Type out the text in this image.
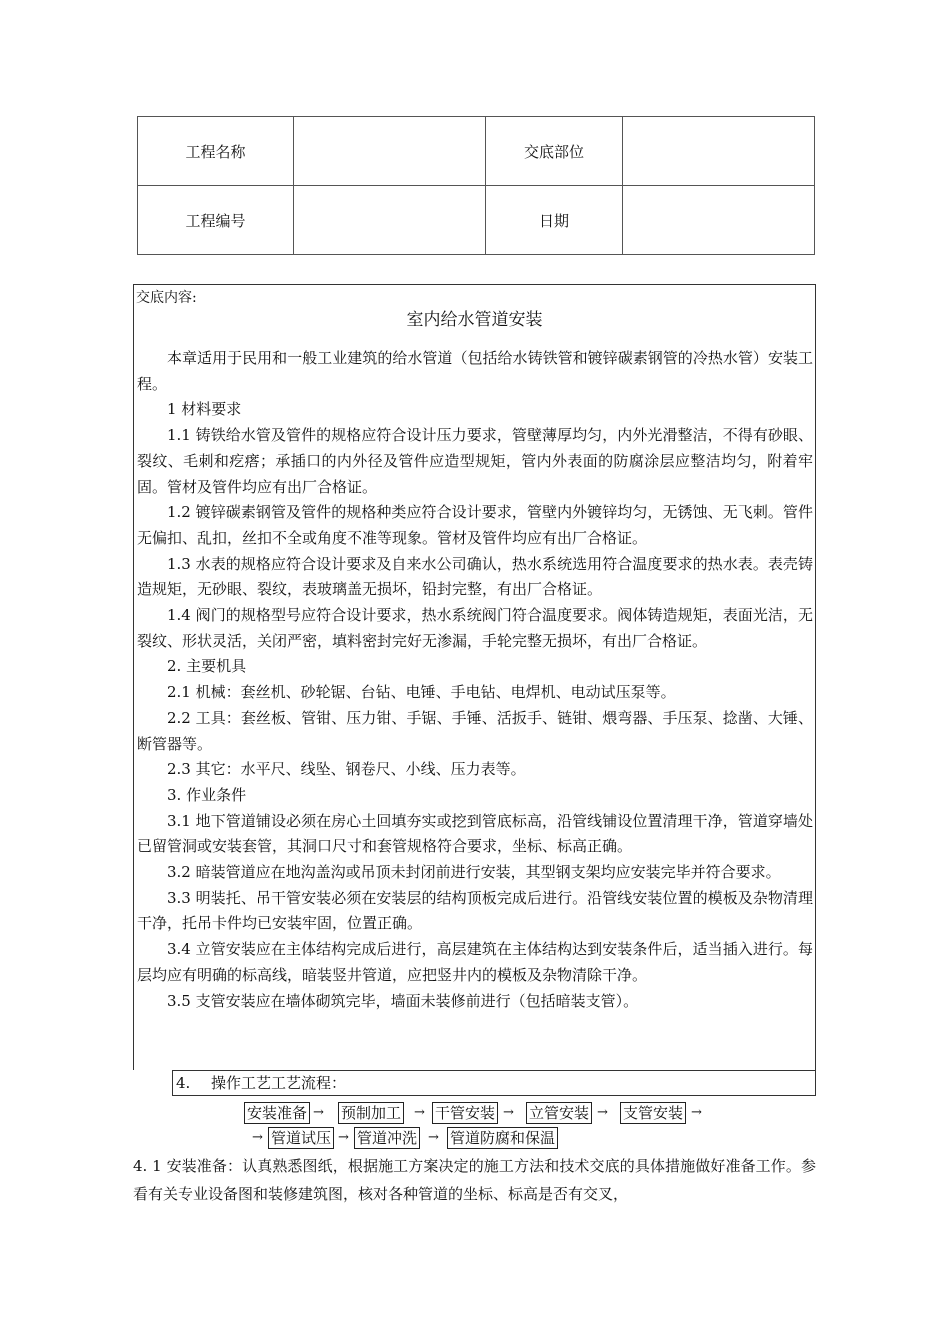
工程名称		交底部位	
工程编号		日期	
交底内容:
室内给水管道安装

本章适用于民用和一般工业建筑的给水管道（包括给水铸铁管和镀锌碳素钢管的冷热水管）安装工程。

1 材料要求

1.1 铸铁给水管及管件的规格应符合设计压力要求，管壁薄厚均匀，内外光滑整洁，不得有砂眼、裂纹、毛刺和疙瘩；承插口的内外径及管件应造型规矩，管内外表面的防腐涂层应整洁均匀，附着牢固。管材及管件均应有出厂合格证。

1.2 镀锌碳素钢管及管件的规格种类应符合设计要求，管壁内外镀锌均匀，无锈蚀、无飞刺。管件无偏扣、乱扣，丝扣不全或角度不准等现象。管材及管件均应有出厂合格证。

1.3 水表的规格应符合设计要求及自来水公司确认，热水系统选用符合温度要求的热水表。表壳铸造规矩，无砂眼、裂纹，表玻璃盖无损坏，铅封完整，有出厂合格证。

1.4 阀门的规格型号应符合设计要求，热水系统阀门符合温度要求。阀体铸造规矩，表面光洁，无裂纹、形状灵活，关闭严密，填料密封完好无渗漏，手轮完整无损坏，有出厂合格证。

2. 主要机具

2.1 机械：套丝机、砂轮锯、台钻、电锤、手电钻、电焊机、电动试压泵等。

2.2 工具：套丝板、管钳、压力钳、手锯、手锤、活扳手、链钳、煨弯器、手压泵、捻凿、大锤、断管器等。

2.3 其它：水平尺、线坠、钢卷尺、小线、压力表等。

3. 作业条件

3.1 地下管道铺设必须在房心土回填夯实或挖到管底标高，沿管线铺设位置清理干净，管道穿墙处已留管洞或安装套管，其洞口尺寸和套管规格符合要求，坐标、标高正确。

3.2 暗装管道应在地沟盖沟或吊顶未封闭前进行安装，其型钢支架均应安装完毕并符合要求。

3.3 明装托、吊干管安装必须在安装层的结构顶板完成后进行。沿管线安装位置的模板及杂物清理干净，托吊卡件均已安装牢固，位置正确。

3.4 立管安装应在主体结构完成后进行，高层建筑在主体结构达到安装条件后，适当插入进行。每层均应有明确的标高线，暗装竖井管道，应把竖井内的模板及杂物清除干净。

3.5 支管安装应在墙体砌筑完毕，墙面未装修前进行（包括暗装支管）。

4. 操作工艺工艺流程：
安装准备 → 预制加工 → 干管安装 → 立管安装 → 支管安装 →
→ 管道试压 → 管道冲洗 → 管道防腐和保温

4. 1 安装准备：认真熟悉图纸，根据施工方案决定的施工方法和技术交底的具体措施做好准备工作。参看有关专业设备图和装修建筑图，核对各种管道的坐标、标高是否有交叉，
